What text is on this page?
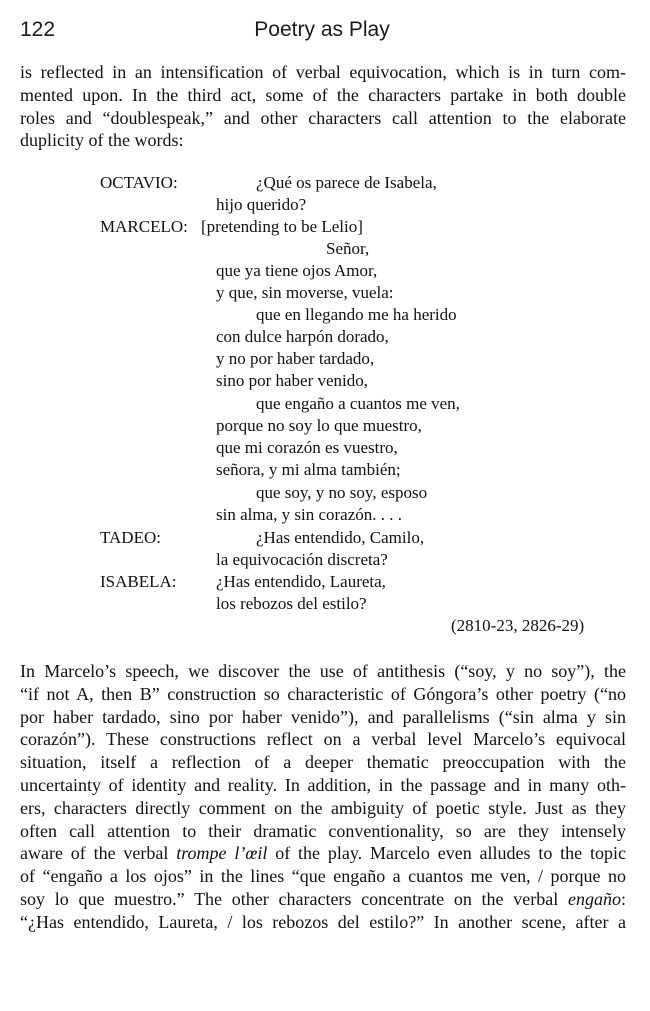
122	Poetry as Play
is reflected in an intensification of verbal equivocation, which is in turn com-
mented upon. In the third act, some of the characters partake in both double
roles and “doublespeak,” and other characters call attention to the elaborate
duplicity of the words:
OCTAVIO:	¿Qué os parece de Isabela,
hijo querido?
MARCELO: [pretending to be Lelio]
Señor,
que ya tiene ojos Amor,
y que, sin moverse, vuela:
que en llegando me ha herido
con dulce harpón dorado,
y no por haber tardado,
sino por haber venido,
que engaño a cuantos me ven,
porque no soy lo que muestro,
que mi corazón es vuestro,
señora, y mi alma también;
que soy, y no soy, esposo
sin alma, y sin corazón. . . .
TADEO:	¿Has entendido, Camilo,
la equivocación discreta?
ISABELA: ¿Has entendido, Laureta,
los rebozos del estilo?
(2810-23, 2826-29)
In Marcelo’s speech, we discover the use of antithesis (“soy, y no soy”), the
“if not A, then B” construction so characteristic of Góngora’s other poetry (“no
por haber tardado, sino por haber venido”), and parallelisms (“sin alma y sin
corazón”). These constructions reflect on a verbal level Marcelo’s equivocal
situation, itself a reflection of a deeper thematic preoccupation with the
uncertainty of identity and reality. In addition, in the passage and in many oth-
ers, characters directly comment on the ambiguity of poetic style. Just as they
often call attention to their dramatic conventionality, so are they intensely
aware of the verbal trompe l’œil of the play. Marcelo even alludes to the topic
of “engaño a los ojos” in the lines “que engaño a cuantos me ven, / porque no
soy lo que muestro.” The other characters concentrate on the verbal engaño:
“¿Has entendido, Laureta, / los rebozos del estilo?” In another scene, after a
